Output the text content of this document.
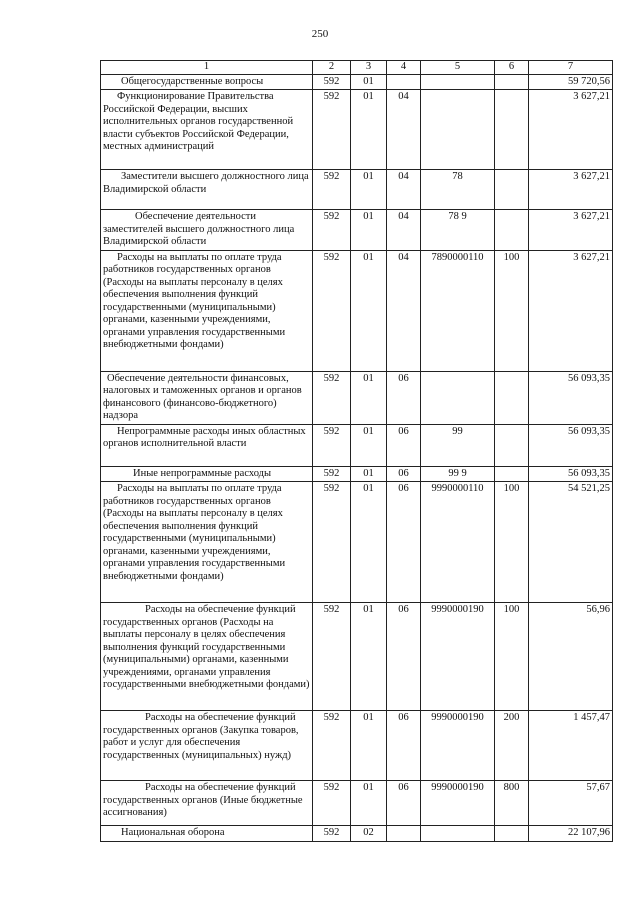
250
1	2	3	4	5	6	7
Общегосударственные вопросы	592	01				59 720,56
Функционирование Правительства Российской Федерации, высших исполнительных органов государственной власти субъектов Российской Федерации, местных администраций	592	01	04			3 627,21
Заместители высшего должностного лица Владимирской области	592	01	04	78		3 627,21
Обеспечение деятельности заместителей высшего должностного лица Владимирской области	592	01	04	78 9		3 627,21
Расходы на выплаты по оплате труда работников государственных органов (Расходы на выплаты персоналу в целях обеспечения выполнения функций государственными (муниципальными) органами, казенными учреждениями, органами управления государственными внебюджетными фондами)	592	01	04	7890000110	100	3 627,21
Обеспечение деятельности финансовых, налоговых и таможенных органов и органов финансового (финансово-бюджетного) надзора	592	01	06			56 093,35
Непрограммные расходы иных областных органов исполнительной власти	592	01	06	99		56 093,35
Иные непрограммные расходы	592	01	06	99 9		56 093,35
Расходы на выплаты по оплате труда работников государственных органов (Расходы на выплаты персоналу в целях обеспечения выполнения функций государственными (муниципальными) органами, казенными учреждениями, органами управления государственными внебюджетными фондами)	592	01	06	9990000110	100	54 521,25
Расходы на обеспечение функций государственных органов (Расходы на выплаты персоналу в целях обеспечения выполнения функций государственными (муниципальными) органами, казенными учреждениями, органами управления государственными внебюджетными фондами)	592	01	06	9990000190	100	56,96
Расходы на обеспечение функций государственных органов (Закупка товаров, работ и услуг для обеспечения государственных (муниципальных) нужд)	592	01	06	9990000190	200	1 457,47
Расходы на обеспечение функций государственных органов (Иные бюджетные ассигнования)	592	01	06	9990000190	800	57,67
Национальная оборона	592	02				22 107,96
